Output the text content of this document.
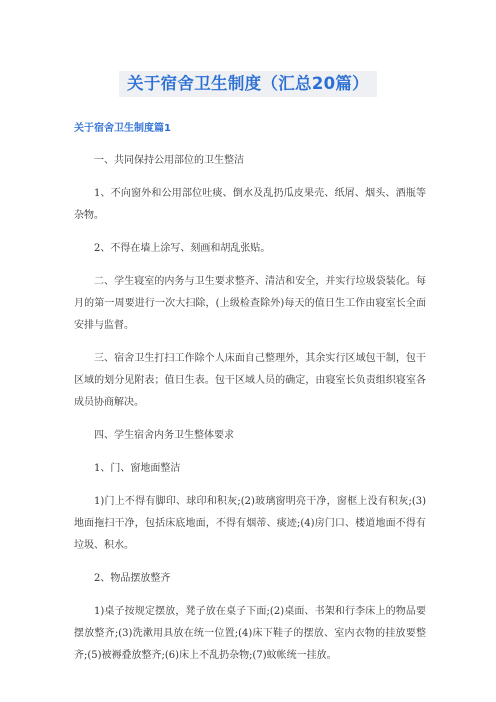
关于宿舍卫生制度（汇总20篇）
关于宿舍卫生制度篇1

一、共同保持公用部位的卫生整洁

1、不向窗外和公用部位吐痰、倒水及乱扔瓜皮果壳、纸屑、烟头、酒瓶等杂物。

2、不得在墙上涂写、刻画和胡乱张贴。

二、学生寝室的内务与卫生要求整齐、清洁和安全，并实行垃圾袋装化。每月的第一周要进行一次大扫除，(上级检查除外)每天的值日生工作由寝室长全面安排与监督。

三、宿舍卫生打扫工作除个人床面自己整理外，其余实行区域包干制，包干区域的划分见附表；值日生表。包干区域人员的确定，由寝室长负责组织寝室各成员协商解决。

四、学生宿舍内务卫生整体要求

1、门、窗地面整洁

1)门上不得有脚印、球印和积灰;(2)玻璃窗明亮干净，窗框上没有积灰;(3)地面拖扫干净，包括床底地面，不得有烟蒂、痰迹;(4)房门口、楼道地面不得有垃圾、积水。

2、物品摆放整齐

1)桌子按规定摆放，凳子放在桌子下面;(2)桌面、书架和行李床上的物品要摆放整齐;(3)洗漱用具放在统一位置;(4)床下鞋子的摆放、室内衣物的挂放要整齐;(5)被褥叠放整齐;(6)床上不乱扔杂物;(7)蚊帐统一挂放。
